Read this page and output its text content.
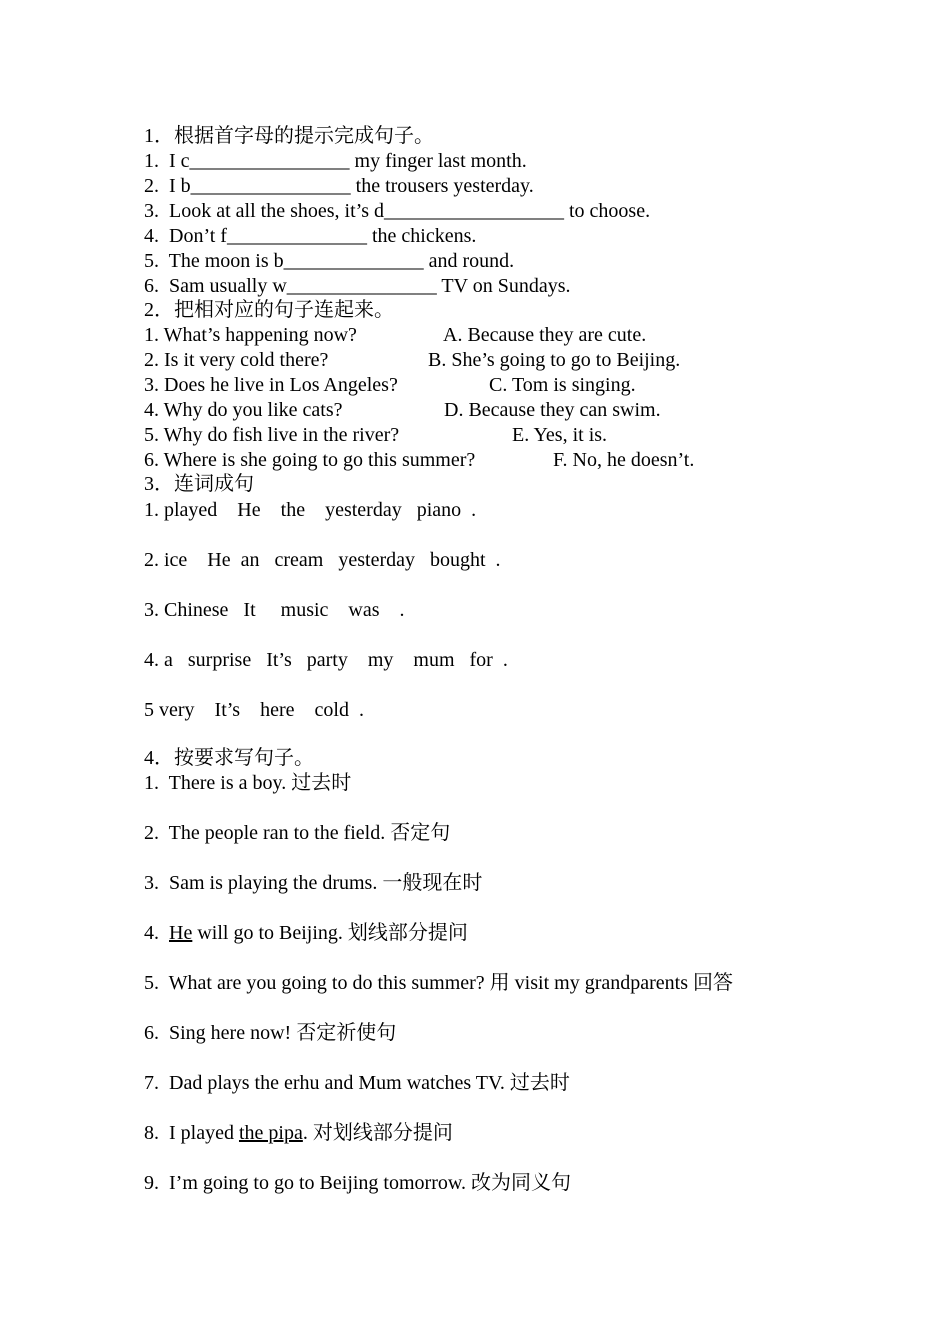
1．根据首字母的提示完成句子。
1.  I c________________ my finger last month.
2.  I b________________ the trousers yesterday.
3.  Look at all the shoes, it’s d__________________ to choose.
4.  Don’t f______________ the chickens.
5.  The moon is b______________ and round.
6.  Sam usually w_______________ TV on Sundays.
2．把相对应的句子连起来。
1. What’s happening now?	A. Because they are cute.
2. Is it very cold there?	B. She’s going to go to Beijing.
3. Does he live in Los Angeles?	C. Tom is singing.
4. Why do you like cats?	D. Because they can swim.
5. Why do fish live in the river?	E. Yes, it is.
6. Where is she going to go this summer?	F. No, he doesn’t.
3．连词成句
1. played    He    the    yesterday   piano  .
2. ice    He  an   cream   yesterday   bought  .
3. Chinese   It     music    was    .
4. a   surprise   It’s   party    my    mum   for  .
5 very    It’s    here    cold  .
4．按要求写句子。
1.  There is a boy. 过去时
2.  The people ran to the field. 否定句
3.  Sam is playing the drums. 一般现在时
4.  He will go to Beijing. 划线部分提问
5.  What are you going to do this summer? 用 visit my grandparents 回答
6.  Sing here now! 否定祈使句
7.  Dad plays the erhu and Mum watches TV. 过去时
8.  I played the pipa. 对划线部分提问
9.  I’m going to go to Beijing tomorrow. 改为同义句
